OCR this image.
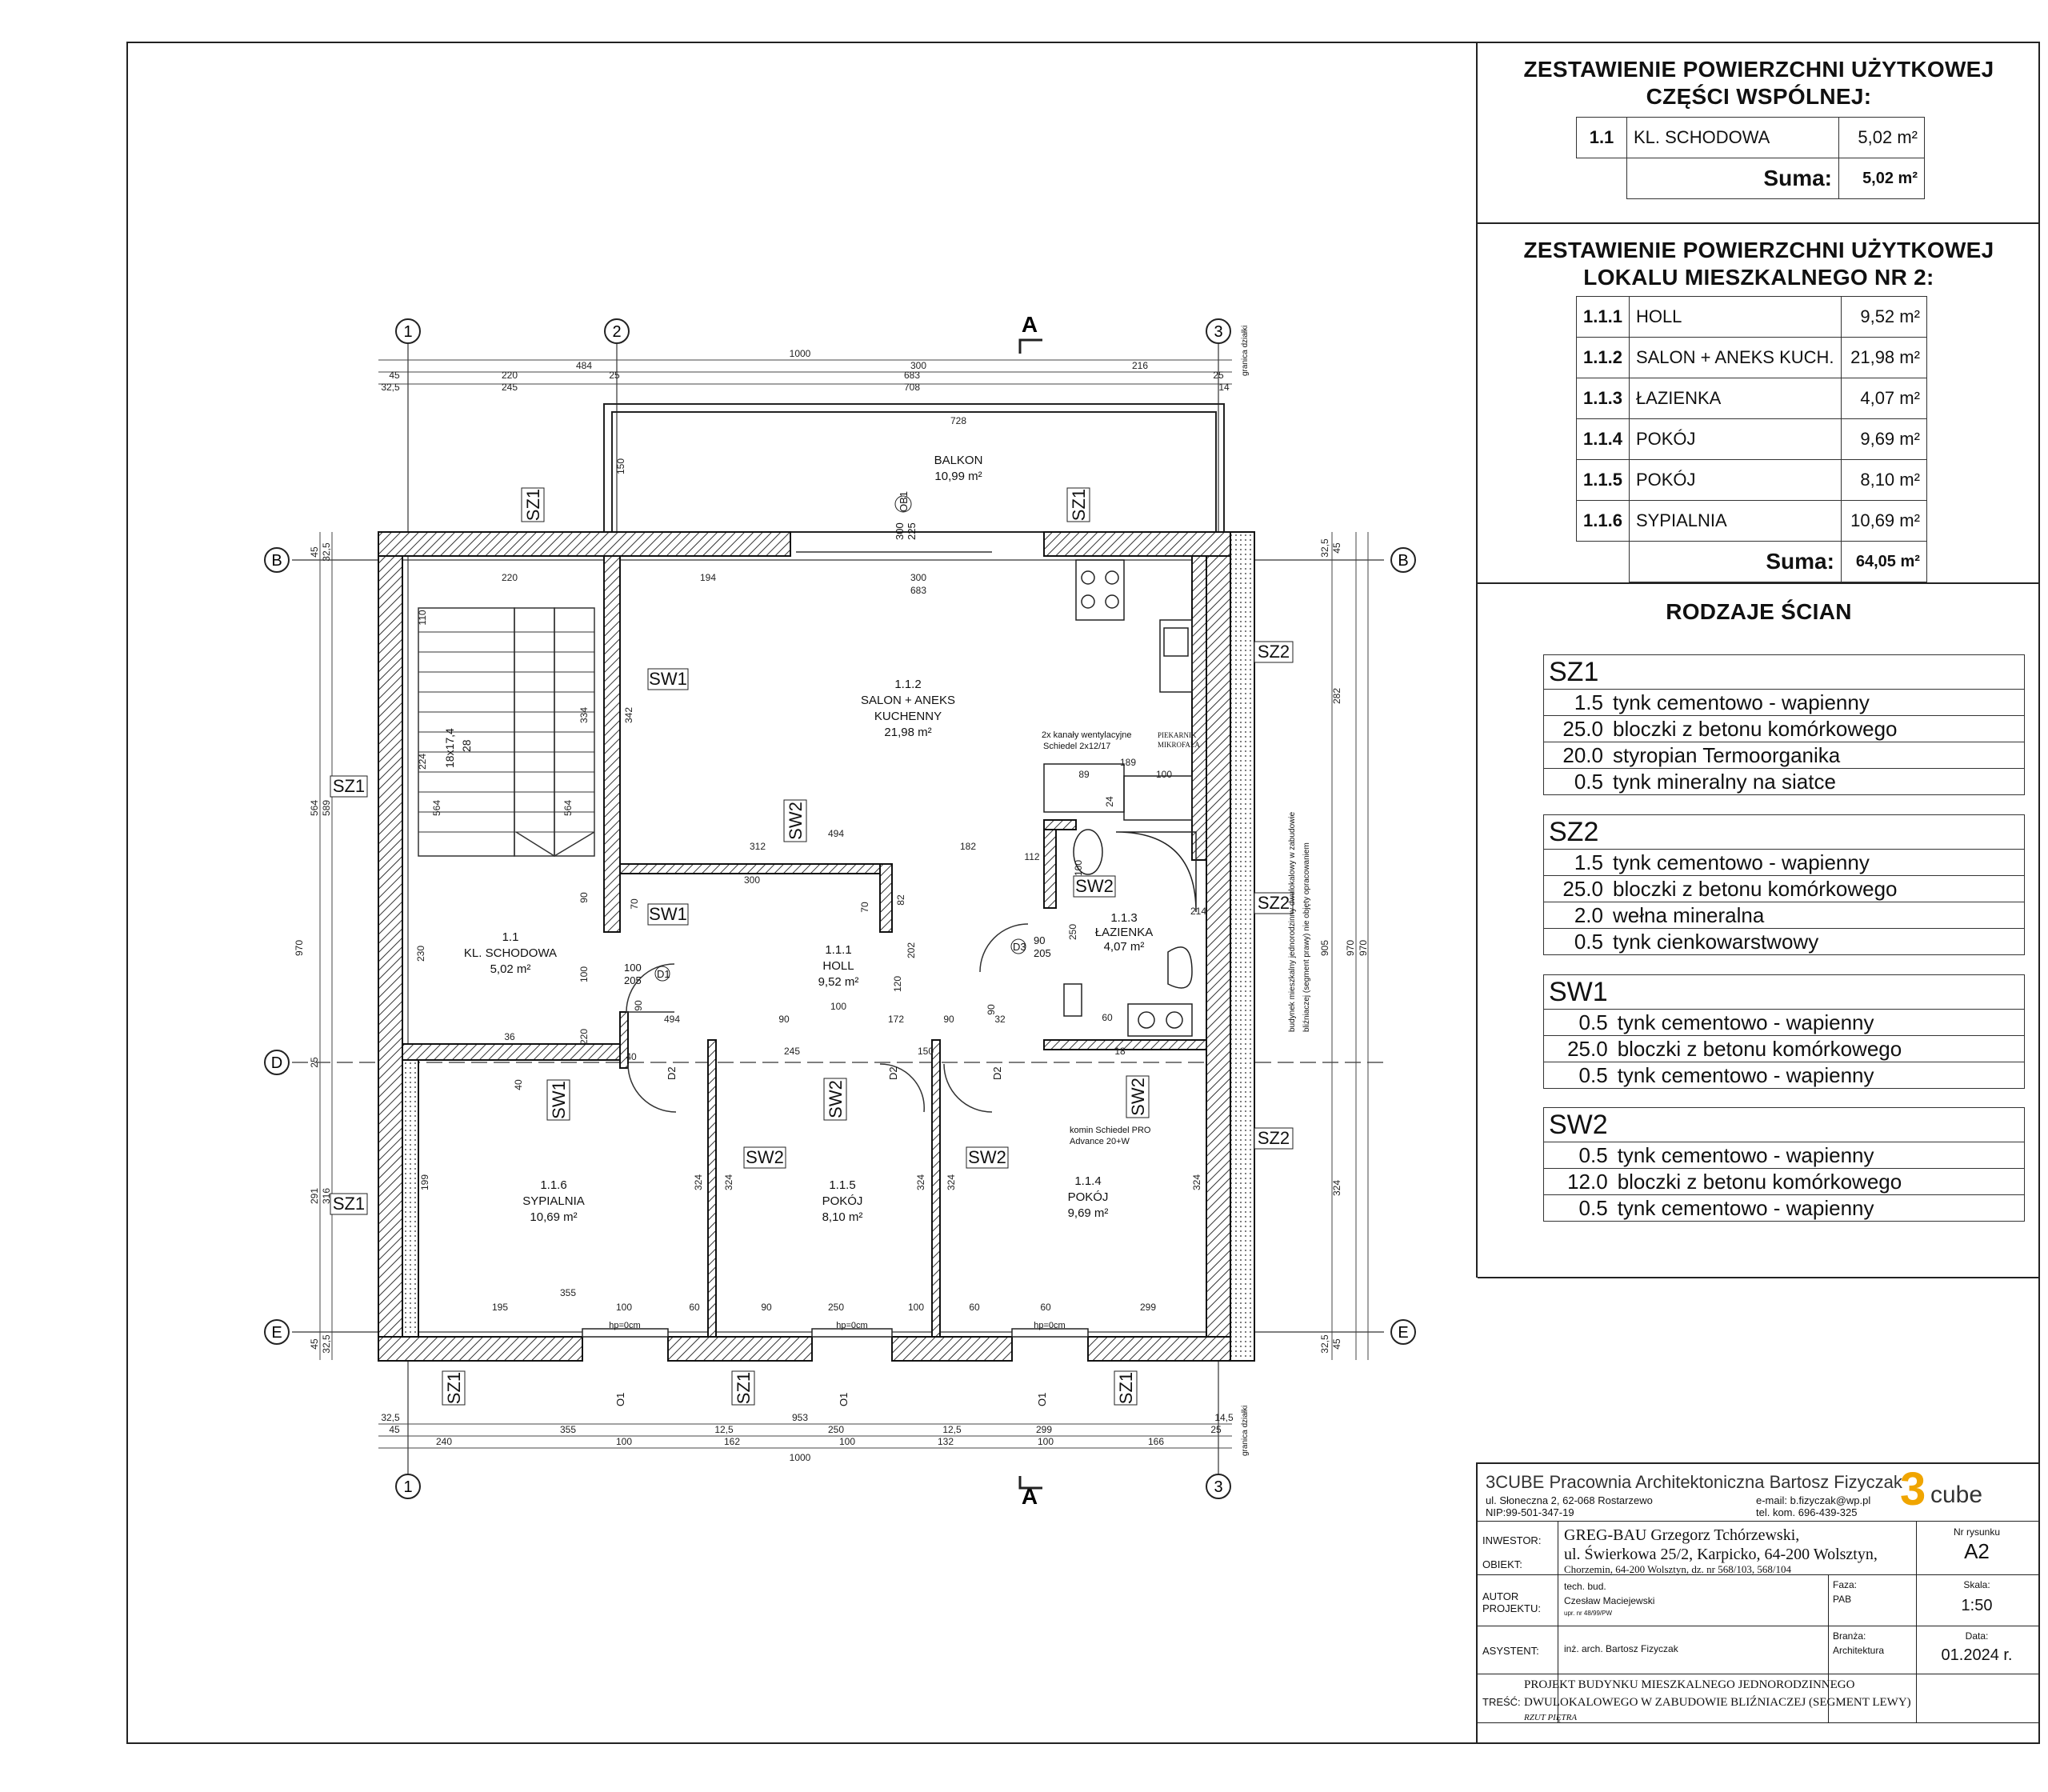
1	2	3
1	3
B	B
D
E	E
A
A
SZ1	SZ1
SZ1
SZ1
SZ1	SZ1	SZ1
SZ2
SZ2
SZ2
SW1
SW1
SW1
SW2
SW2
SW2	SW2
SW2	SW2
BALKON
10,99 m²
1.1.2
SALON + ANEKS
KUCHENNY
21,98 m²
1.1
KL. SCHODOWA
5,02 m²
1.1.1
HOLL
9,52 m²
1.1.3
ŁAZIENKA
4,07 m²
1.1.6
SYPIALNIA
10,69 m²
1.1.5
POKÓJ
8,10 m²
1.1.4
POKÓJ
9,69 m²
2x kanały wentylacyjne
Schiedel 2x12/17
PIEKARNIK
MIKROFALA
komin Schiedel PRO
Advance 20+W
granica działki
granica działki
budynek mieszkalny jednorodzinny dwulokalowy w zabudowie bliźniaczej (segment prawy) nie objęty opracowaniem
18x17,4 28
hp=0cm	hp=0cm	hp=0cm
100
205
D1
D3
90
205
OB1
300 225
D2	D2	D2
O1	O1	O1
1000
484	300	216
45	220	25	683	25
32,5	245	708	14
728
150
32,5	953	14,5
45	355	12,5	250	12,5	299	25
240	100	162	100	132	100	166
1000
45 32,5
564 589
970
25
291 316
45 32,5
32,5 45
282
905 970 970
324
32,5 45
220	194	300
683
110
334	342
224
564	564
189
89	100
24
312
494
182
300
112
100
70	82
70
90
202
120
250
214
230
100
90	100
494	90	172	90	32
90
60
36	220
40
40
245	150	18
199	324 324	324 324	324
355
195	100	60	90	250	100	60	60	299
ZESTAWIENIE POWIERZCHNI UŻYTKOWEJ
CZĘŚCI WSPÓLNEJ:
1.1	KL. SCHODOWA	5,02 m²
	Suma:	5,02 m²
ZESTAWIENIE POWIERZCHNI UŻYTKOWEJ
LOKALU MIESZKALNEGO NR 2:
1.1.1	HOLL	9,52 m²
1.1.2	SALON + ANEKS KUCH.	21,98 m²
1.1.3	ŁAZIENKA	4,07 m²
1.1.4	POKÓJ	9,69 m²
1.1.5	POKÓJ	8,10 m²
1.1.6	SYPIALNIA	10,69 m²
	Suma:	64,05 m²
RODZAJE ŚCIAN
SZ1	
1.5	tynk cementowo - wapienny
25.0	bloczki z betonu komórkowego
20.0	styropian Termoorganika
0.5	tynk mineralny na siatce
SZ2	
1.5	tynk cementowo - wapienny
25.0	bloczki z betonu komórkowego
2.0	wełna mineralna
0.5	tynk cienkowarstwowy
SW1	
0.5	tynk cementowo - wapienny
25.0	bloczki z betonu komórkowego
0.5	tynk cementowo - wapienny
SW2	
0.5	tynk cementowo - wapienny
12.0	bloczki z betonu komórkowego
0.5	tynk cementowo - wapienny
3CUBE Pracownia Architektoniczna Bartosz Fizyczak
ul. Słoneczna 2, 62-068 Rostarzewo
NIP:99-501-347-19
e-mail: b.fizyczak@wp.pl
tel. kom. 696-439-325 3 cube
INWESTOR: GREG-BAU Grzegorz Tchórzewski,
ul. Świerkowa 25/2, Karpicko, 64-200 Wolsztyn,
OBIEKT:	Chorzemin, 64-200 Wolsztyn, dz. nr 568/103, 568/104
Nr rysunku
A2
AUTOR PROJEKTU:
tech. bud.
Czesław Maciejewski
upr. nr 48/99/PW
Faza:
PAB
Skala:
1:50
ASYSTENT:	inż. arch. Bartosz Fizyczak
Branża:
Architektura
Data:
01.2024 r.
TREŚĆ:
PROJEKT BUDYNKU MIESZKALNEGO JEDNORODZINNEGO
DWULOKALOWEGO W ZABUDOWIE BLIŹNIACZEJ (SEGMENT LEWY)
RZUT PIĘTRA
